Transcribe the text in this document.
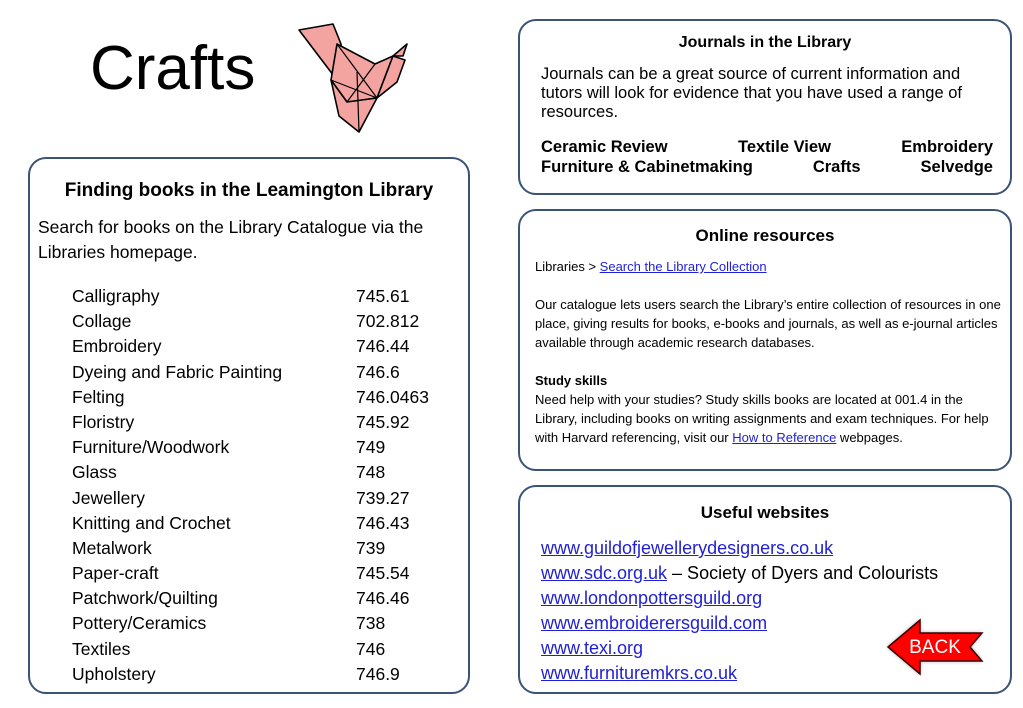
Crafts
Finding books in the Leamington Library
Search for books on the Library Catalogue via the Libraries homepage.
Calligraphy	745.61
Collage	702.812
Embroidery	746.44
Dyeing and Fabric Painting	746.6
Felting	746.0463
Floristry	745.92
Furniture/Woodwork	749
Glass	748
Jewellery	739.27
Knitting and Crochet	746.43
Metalwork	739
Paper-craft	745.54
Patchwork/Quilting	746.46
Pottery/Ceramics	738
Textiles	746
Upholstery	746.9
Journals in the Library
Journals can be a great source of current information and tutors will look for evidence that you have used a range of resources.
Ceramic Review	Textile View	Embroidery
Furniture & Cabinetmaking	Crafts	Selvedge
Online resources

Libraries > Search the Library Collection

Our catalogue lets users search the Library’s entire collection of resources in one place, giving results for books, e-books and journals, as well as e-journal articles available through academic research databases.

Study skills

Need help with your studies? Study skills books are located at 001.4 in the Library, including books on writing assignments and exam techniques. For help with Harvard referencing, visit our How to Reference webpages.

Useful websites
www.guildofjewellerydesigners.co.uk
www.sdc.org.uk – Society of Dyers and Colourists
www.londonpottersguild.org
www.embroiderersguild.com
www.texi.org
www.furnituremkrs.co.uk
BACK
